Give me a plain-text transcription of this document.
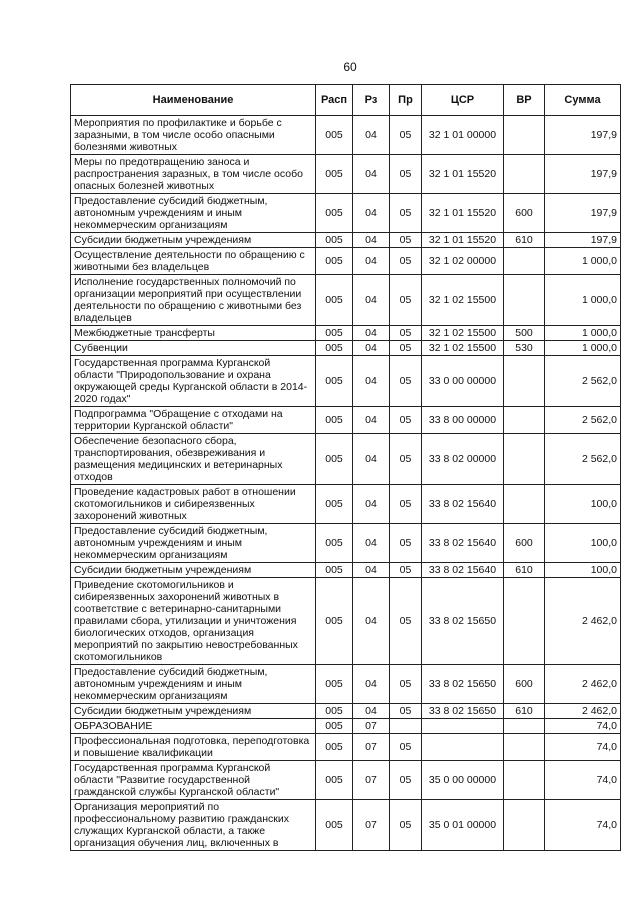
60
Наименование	Расп	Рз	Пр	ЦСР	ВР	Сумма
Мероприятия по профилактике и борьбе с заразными, в том числе особо опасными болезнями животных	005	04	05	32 1 01 00000		197,9
Меры по предотвращению заноса и распространения заразных, в том числе особо опасных болезней животных	005	04	05	32 1 01 15520		197,9
Предоставление субсидий бюджетным, автономным учреждениям и иным некоммерческим организациям	005	04	05	32 1 01 15520	600	197,9
Субсидии бюджетным учреждениям	005	04	05	32 1 01 15520	610	197,9
Осуществление деятельности по обращению с животными без владельцев	005	04	05	32 1 02 00000		1 000,0
Исполнение государственных полномочий по организации мероприятий при осуществлении деятельности по обращению с животными без владельцев	005	04	05	32 1 02 15500		1 000,0
Межбюджетные трансферты	005	04	05	32 1 02 15500	500	1 000,0
Субвенции	005	04	05	32 1 02 15500	530	1 000,0
Государственная программа Курганской области "Природопользование и охрана окружающей среды Курганской области в 2014-2020 годах"	005	04	05	33 0 00 00000		2 562,0
Подпрограмма "Обращение с отходами на территории Курганской области"	005	04	05	33 8 00 00000		2 562,0
Обеспечение безопасного сбора, транспортирования, обезвреживания и размещения медицинских и ветеринарных отходов	005	04	05	33 8 02 00000		2 562,0
Проведение кадастровых работ в отношении скотомогильников и сибиреязвенных захоронений животных	005	04	05	33 8 02 15640		100,0
Предоставление субсидий бюджетным, автономным учреждениям и иным некоммерческим организациям	005	04	05	33 8 02 15640	600	100,0
Субсидии бюджетным учреждениям	005	04	05	33 8 02 15640	610	100,0
Приведение скотомогильников и сибиреязвенных захоронений животных в соответствие с ветеринарно-санитарными правилами сбора, утилизации и уничтожения биологических отходов, организация мероприятий по закрытию невостребованных скотомогильников	005	04	05	33 8 02 15650		2 462,0
Предоставление субсидий бюджетным, автономным учреждениям и иным некоммерческим организациям	005	04	05	33 8 02 15650	600	2 462,0
Субсидии бюджетным учреждениям	005	04	05	33 8 02 15650	610	2 462,0
ОБРАЗОВАНИЕ	005	07				74,0
Профессиональная подготовка, переподготовка и повышение квалификации	005	07	05			74,0
Государственная программа Курганской области "Развитие государственной гражданской службы Курганской области"	005	07	05	35 0 00 00000		74,0
Организация мероприятий по профессиональному развитию гражданских служащих Курганской области, а также организация обучения лиц, включенных в	005	07	05	35 0 01 00000		74,0
